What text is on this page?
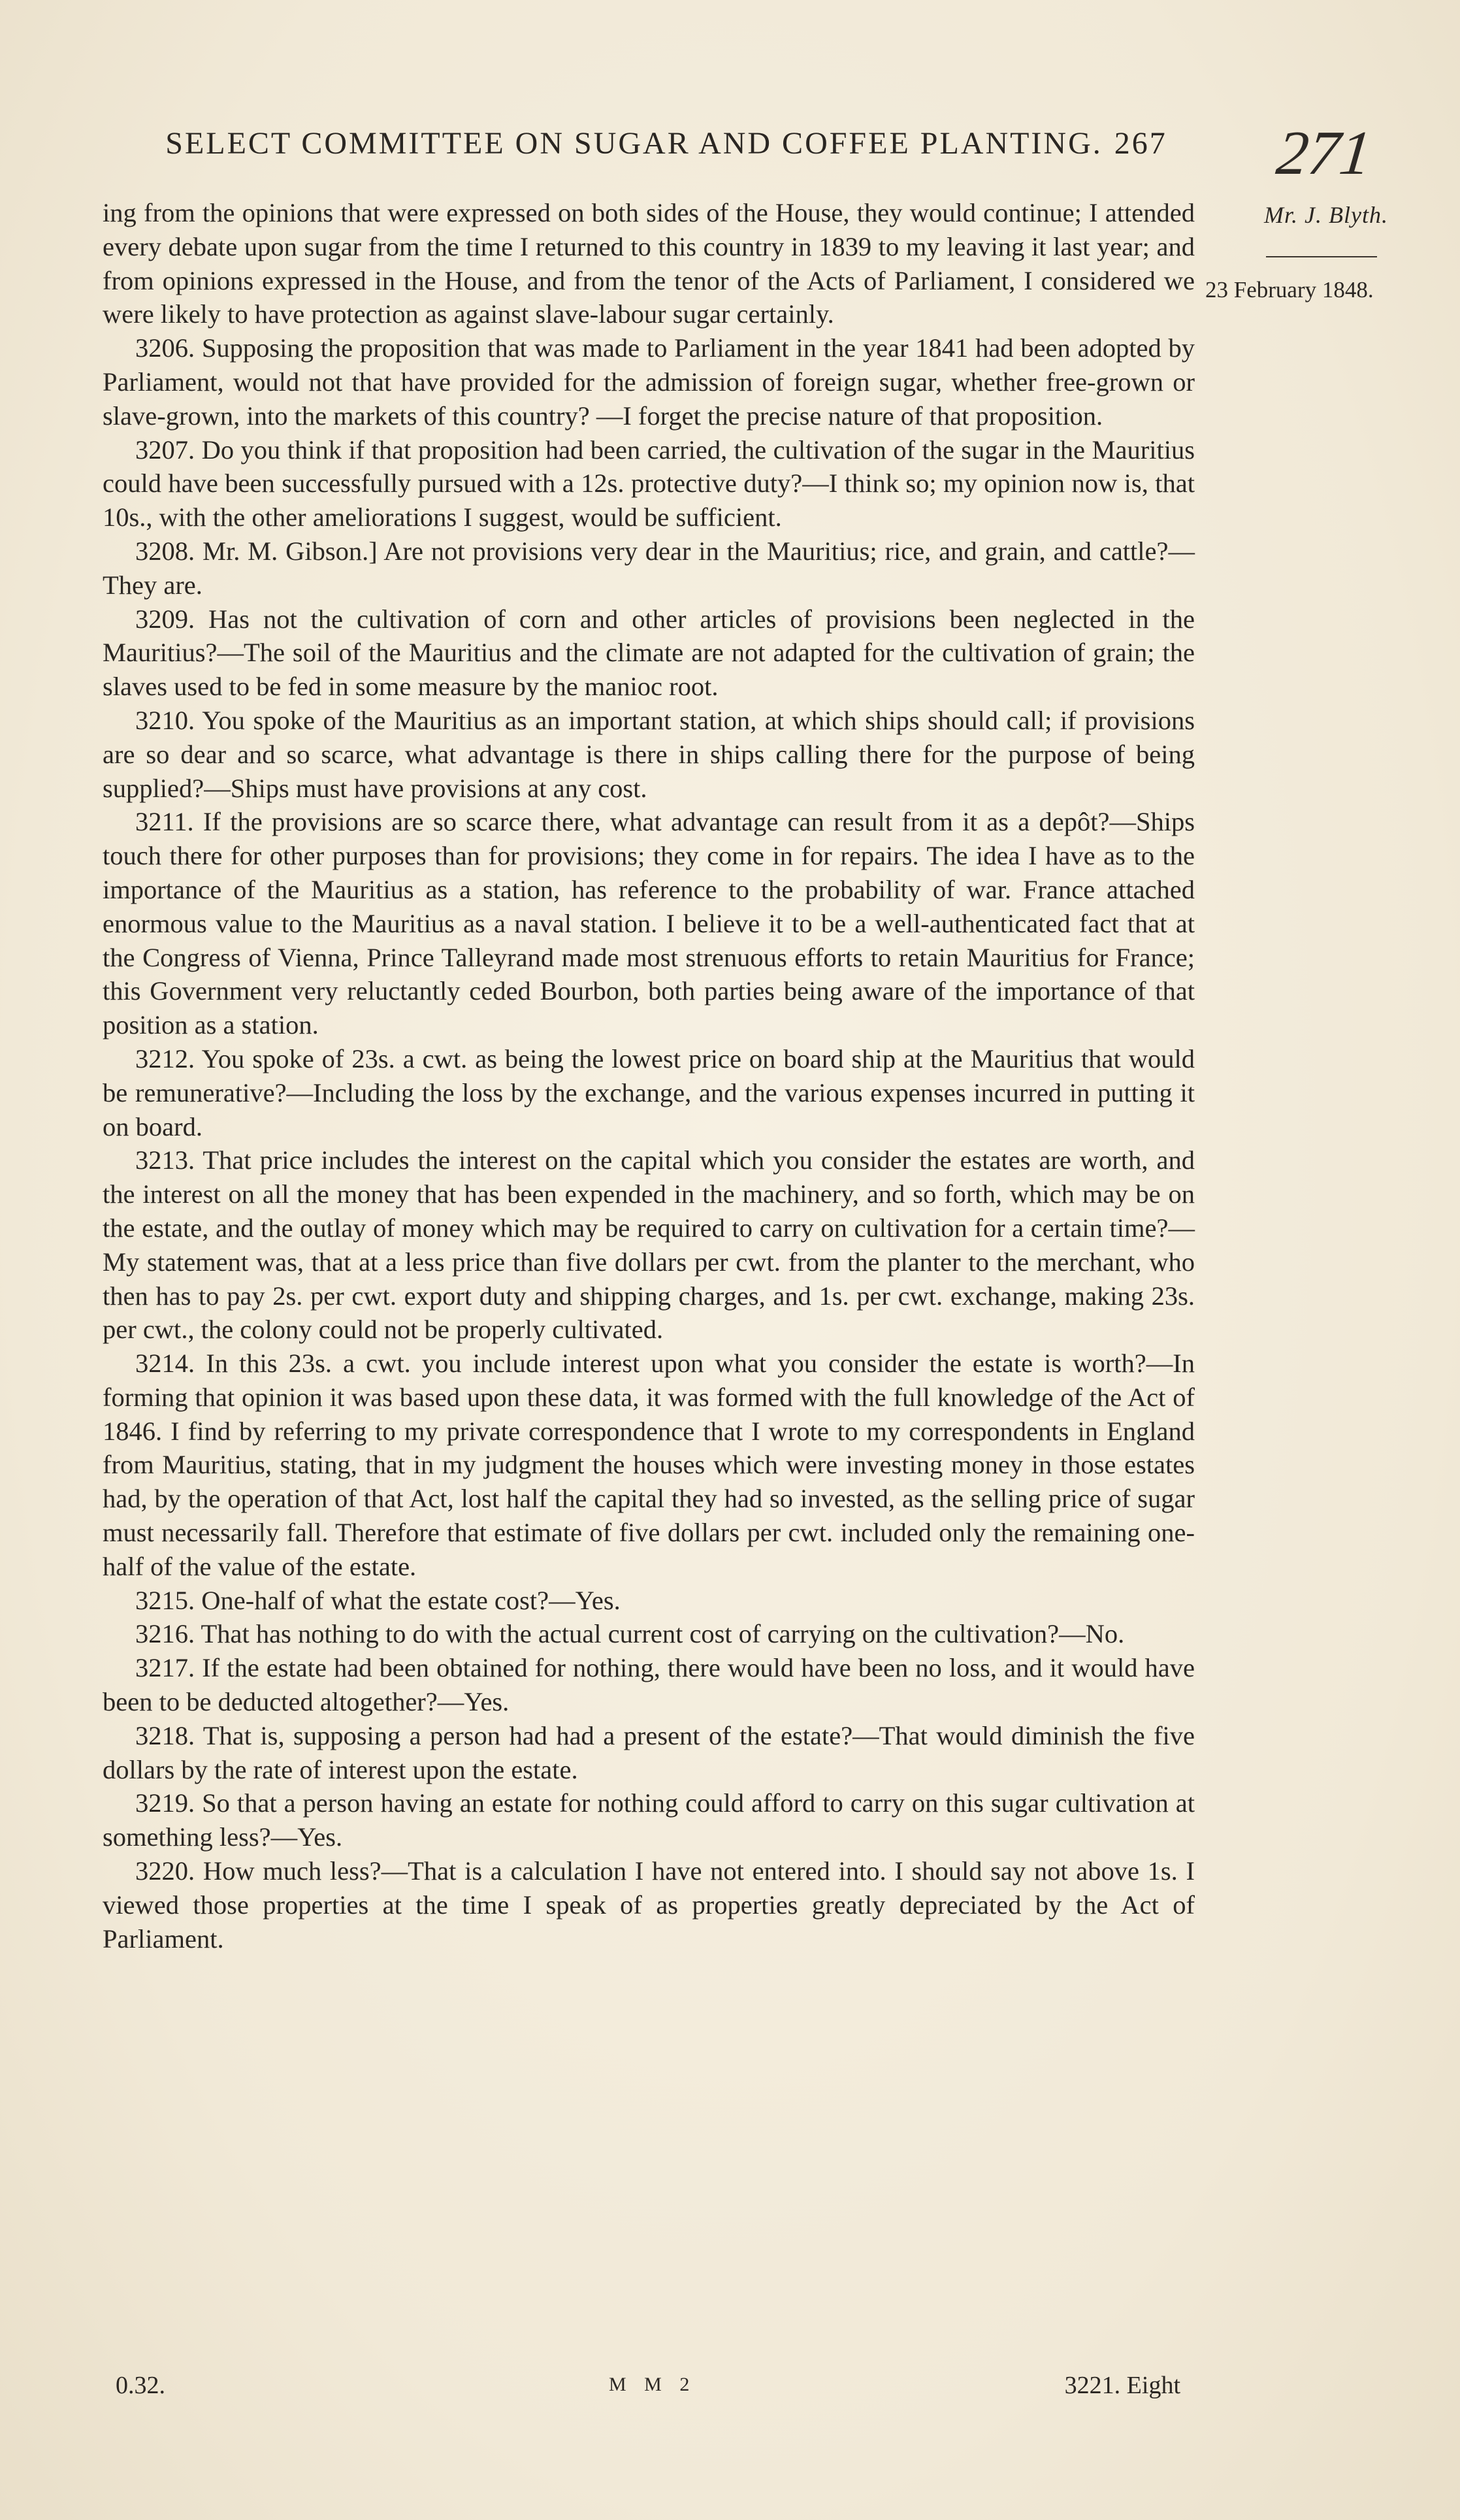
SELECT COMMITTEE ON SUGAR AND COFFEE PLANTING. 267	271
Mr. J. Blyth.
23 February 1848.

ing from the opinions that were expressed on both sides of the House, they would continue; I attended every debate upon sugar from the time I returned to this country in 1839 to my leaving it last year; and from opinions expressed in the House, and from the tenor of the Acts of Parliament, I considered we were likely to have protection as against slave-labour sugar certainly.

3206. Supposing the proposition that was made to Parliament in the year 1841 had been adopted by Parliament, would not that have provided for the admission of foreign sugar, whether free-grown or slave-grown, into the markets of this country? —I forget the precise nature of that proposition.

3207. Do you think if that proposition had been carried, the cultivation of the sugar in the Mauritius could have been successfully pursued with a 12s. protective duty?—I think so; my opinion now is, that 10s., with the other ameliorations I suggest, would be sufficient.

3208. Mr. M. Gibson.] Are not provisions very dear in the Mauritius; rice, and grain, and cattle?—They are.

3209. Has not the cultivation of corn and other articles of provisions been neglected in the Mauritius?—The soil of the Mauritius and the climate are not adapted for the cultivation of grain; the slaves used to be fed in some measure by the manioc root.

3210. You spoke of the Mauritius as an important station, at which ships should call; if provisions are so dear and so scarce, what advantage is there in ships calling there for the purpose of being supplied?—Ships must have provisions at any cost.

3211. If the provisions are so scarce there, what advantage can result from it as a depôt?—Ships touch there for other purposes than for provisions; they come in for repairs. The idea I have as to the importance of the Mauritius as a station, has reference to the probability of war. France attached enormous value to the Mauritius as a naval station. I believe it to be a well-authenticated fact that at the Congress of Vienna, Prince Talleyrand made most strenuous efforts to retain Mauritius for France; this Government very reluctantly ceded Bourbon, both parties being aware of the importance of that position as a station.

3212. You spoke of 23s. a cwt. as being the lowest price on board ship at the Mauritius that would be remunerative?—Including the loss by the exchange, and the various expenses incurred in putting it on board.

3213. That price includes the interest on the capital which you consider the estates are worth, and the interest on all the money that has been expended in the machinery, and so forth, which may be on the estate, and the outlay of money which may be required to carry on cultivation for a certain time?—My statement was, that at a less price than five dollars per cwt. from the planter to the merchant, who then has to pay 2s. per cwt. export duty and shipping charges, and 1s. per cwt. exchange, making 23s. per cwt., the colony could not be properly cultivated.

3214. In this 23s. a cwt. you include interest upon what you consider the estate is worth?—In forming that opinion it was based upon these data, it was formed with the full knowledge of the Act of 1846. I find by referring to my private correspondence that I wrote to my correspondents in England from Mauritius, stating, that in my judgment the houses which were investing money in those estates had, by the operation of that Act, lost half the capital they had so invested, as the selling price of sugar must necessarily fall. Therefore that estimate of five dollars per cwt. included only the remaining one-half of the value of the estate.

3215. One-half of what the estate cost?—Yes.

3216. That has nothing to do with the actual current cost of carrying on the cultivation?—No.

3217. If the estate had been obtained for nothing, there would have been no loss, and it would have been to be deducted altogether?—Yes.

3218. That is, supposing a person had had a present of the estate?—That would diminish the five dollars by the rate of interest upon the estate.

3219. So that a person having an estate for nothing could afford to carry on this sugar cultivation at something less?—Yes.

3220. How much less?—That is a calculation I have not entered into. I should say not above 1s. I viewed those properties at the time I speak of as properties greatly depreciated by the Act of Parliament.

0.32.	M M 2	3221. Eight
